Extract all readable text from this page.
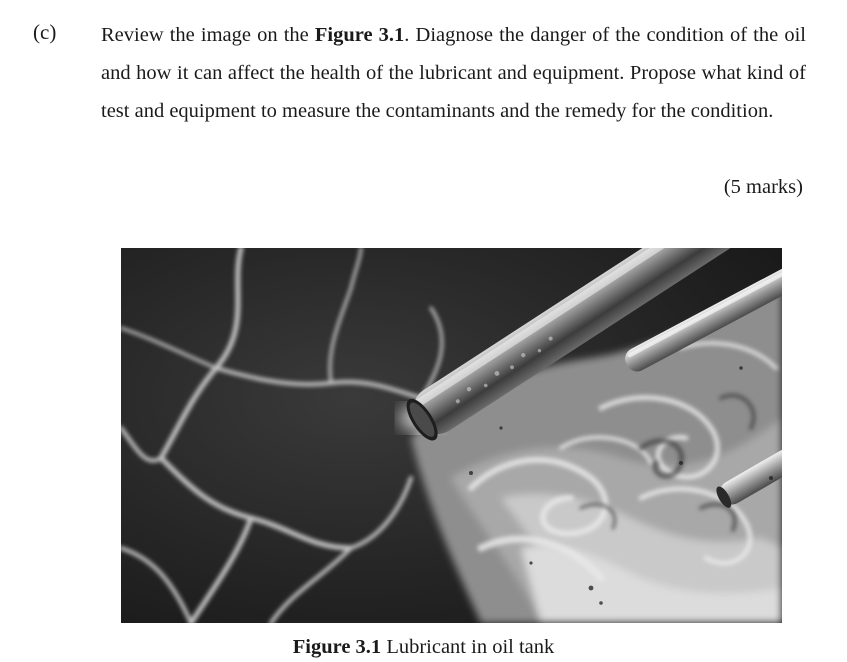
(c) Review the image on the Figure 3.1. Diagnose the danger of the condition of the oil and how it can affect the health of the lubricant and equipment. Propose what kind of test and equipment to measure the contaminants and the remedy for the condition.
(5 marks)
Figure 3.1 Lubricant in oil tank
